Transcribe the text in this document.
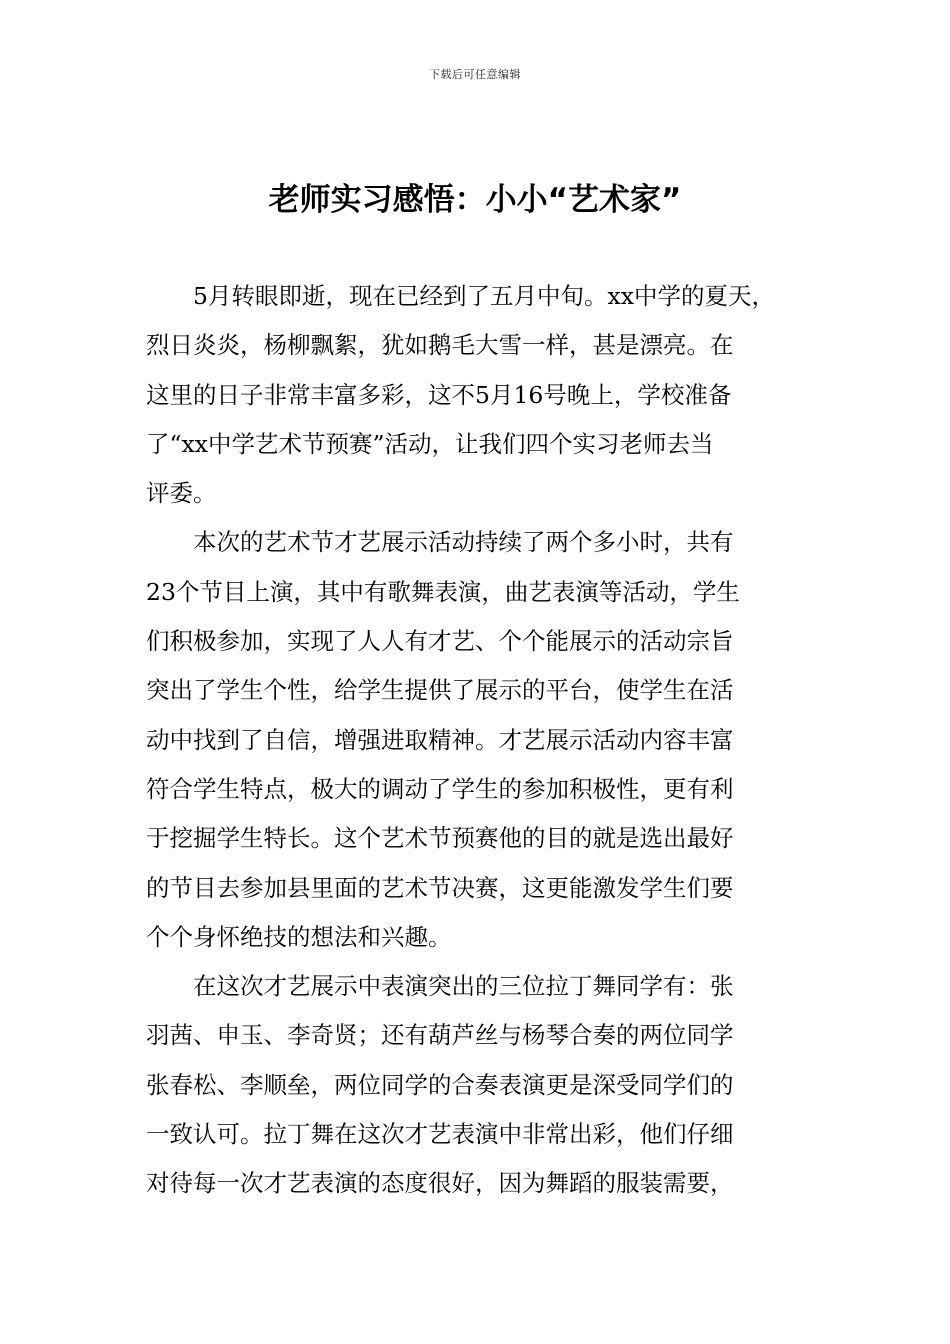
下载后可任意编辑
老师实习感悟：小小“艺术家”

5月转眼即逝，现在已经到了五月中旬。xx中学的夏天，
烈日炎炎，杨柳飘絮，犹如鹅毛大雪一样，甚是漂亮。在
这里的日子非常丰富多彩，这不5月16号晚上，学校准备
了“xx中学艺术节预赛”活动，让我们四个实习老师去当
评委。

本次的艺术节才艺展示活动持续了两个多小时，共有
23个节目上演，其中有歌舞表演，曲艺表演等活动，学生
们积极参加，实现了人人有才艺、个个能展示的活动宗旨
突出了学生个性，给学生提供了展示的平台，使学生在活
动中找到了自信，增强进取精神。才艺展示活动内容丰富
符合学生特点，极大的调动了学生的参加积极性，更有利
于挖掘学生特长。这个艺术节预赛他的目的就是选出最好
的节目去参加县里面的艺术节决赛，这更能激发学生们要
个个身怀绝技的想法和兴趣。

在这次才艺展示中表演突出的三位拉丁舞同学有：张
羽茜、申玉、李奇贤；还有葫芦丝与杨琴合奏的两位同学
张春松、李顺垒，两位同学的合奏表演更是深受同学们的
一致认可。拉丁舞在这次才艺表演中非常出彩，他们仔细
对待每一次才艺表演的态度很好，因为舞蹈的服装需要，
